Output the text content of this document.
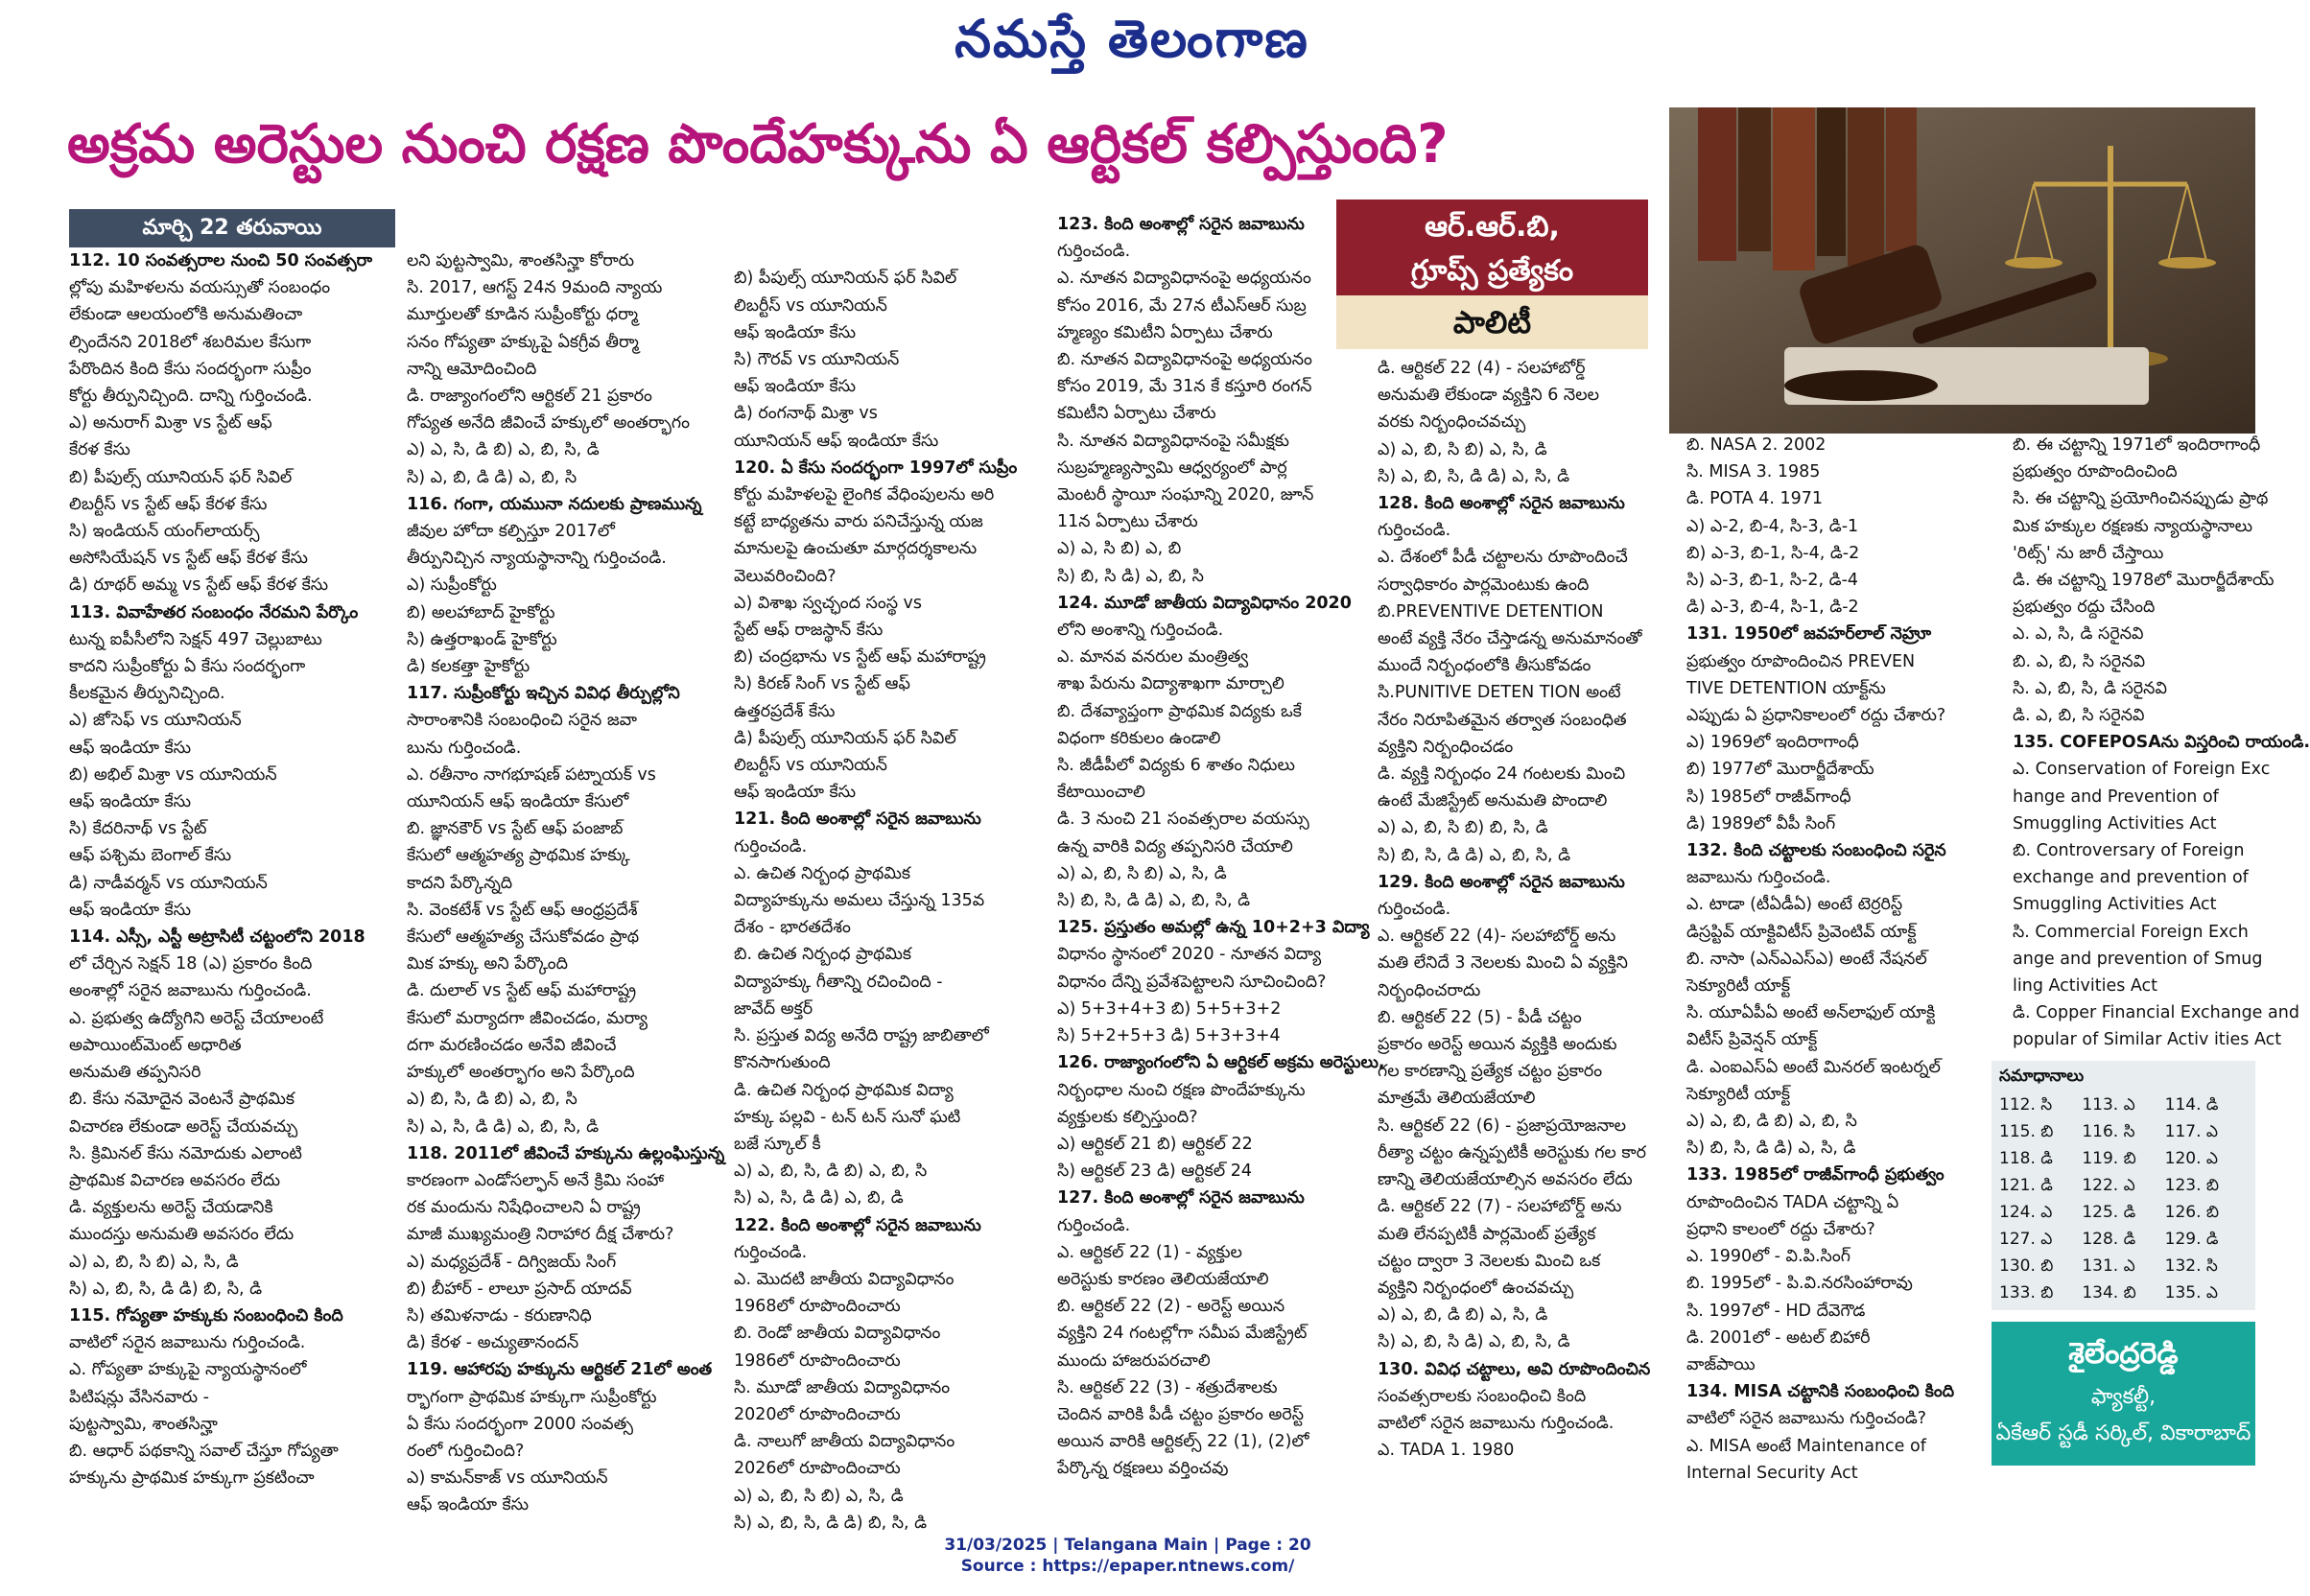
నమస్తే తెలంగాణ
అక్రమ అరెస్టుల నుంచి రక్షణ పొందేహక్కును ఏ ఆర్టికల్ కల్పిస్తుంది?
మార్చి 22 తరువాయి
112. 10 సంవత్సరాల నుంచి 50 సంవత్సరా
ల్లోపు మహిళలను వయస్సుతో సంబంధం
లేకుండా ఆలయంలోకి అనుమతించా
ల్సిందేనని 2018లో శబరిమల కేసుగా
పేరొందిన కింది కేసు సందర్భంగా సుప్రీం
కోర్టు తీర్పునిచ్చింది. దాన్ని గుర్తించండి.
ఎ) అనురాగ్ మిశ్రా vs స్టేట్ ఆఫ్
కేరళ కేసు
బి) పీపుల్స్ యూనియన్ ఫర్ సివిల్
లిబర్టీస్ vs స్టేట్ ఆఫ్ కేరళ కేసు
సి) ఇండియన్ యంగ్‌లాయర్స్
అసోసియేషన్ vs స్టేట్ ఆఫ్ కేరళ కేసు
డి) రూథర్ అమ్మ vs స్టేట్ ఆఫ్ కేరళ కేసు
113. వివాహేతర సంబంధం నేరమని పేర్కొం
టున్న ఐపీసీలోని సెక్షన్ 497 చెల్లుబాటు
కాదని సుప్రీంకోర్టు ఏ కేసు సందర్భంగా
కీలకమైన తీర్పునిచ్చింది.
ఎ) జోసెఫ్ vs యూనియన్
ఆఫ్ ఇండియా కేసు
బి) అభిల్ మిశ్రా vs యూనియన్
ఆఫ్ ఇండియా కేసు
సి) కేదరినాథ్ vs స్టేట్
ఆఫ్ పశ్చిమ బెంగాల్ కేసు
డి) నాడీవర్మన్ vs యూనియన్
ఆఫ్ ఇండియా కేసు
114. ఎస్సీ, ఎస్టీ అట్రాసిటీ చట్టంలోని 2018
లో చేర్చిన సెక్షన్ 18 (ఎ) ప్రకారం కింది
అంశాల్లో సరైన జవాబును గుర్తించండి.
ఎ. ప్రభుత్వ ఉద్యోగిని అరెస్ట్ చేయాలంటే
అపాయింట్‌మెంట్ అధారిత
అనుమతి తప్పనిసరి
బి. కేసు నమోదైన వెంటనే ప్రాథమిక
విచారణ లేకుండా అరెస్ట్ చేయవచ్చు
సి. క్రిమినల్ కేసు నమోదుకు ఎలాంటి
ప్రాథమిక విచారణ అవసరం లేదు
డి. వ్యక్తులను అరెస్ట్ చేయడానికి
ముందస్తు అనుమతి అవసరం లేదు
ఎ) ఎ, బి, సి బి) ఎ, సి, డి
సి) ఎ, బి, సి, డి డి) బి, సి, డి
115. గోప్యతా హక్కుకు సంబంధించి కింది
వాటిలో సరైన జవాబును గుర్తించండి.
ఎ. గోప్యతా హక్కుపై న్యాయస్థానంలో
పిటిషన్లు వేసినవారు -
పుట్టస్వామి, శాంతసిన్హా
బి. ఆధార్ పథకాన్ని సవాల్ చేస్తూ గోప్యతా
హక్కును ప్రాథమిక హక్కుగా ప్రకటించా
లని పుట్టస్వామి, శాంతసిన్హా కోరారు
సి. 2017, ఆగస్ట్ 24న 9మంది న్యాయ
మూర్తులతో కూడిన సుప్రీంకోర్టు ధర్మా
సనం గోప్యతా హక్కుపై ఏకగ్రీవ తీర్మా
నాన్ని ఆమోదించింది
డి. రాజ్యాంగంలోని ఆర్టికల్ 21 ప్రకారం
గోప్యత అనేది జీవించే హక్కులో అంతర్భాగం
ఎ) ఎ, సి, డి బి) ఎ, బి, సి, డి
సి) ఎ, బి, డి డి) ఎ, బి, సి
116. గంగా, యమునా నదులకు ప్రాణమున్న
జీవుల హోదా కల్పిస్తూ 2017లో
తీర్పునిచ్చిన న్యాయస్థానాన్ని గుర్తించండి.
ఎ) సుప్రీంకోర్టు
బి) అలహాబాద్ హైకోర్టు
సి) ఉత్తరాఖండ్ హైకోర్టు
డి) కలకత్తా హైకోర్టు
117. సుప్రీంకోర్టు ఇచ్చిన వివిధ తీర్పుల్లోని
సారాంశానికి సంబంధించి సరైన జవా
బును గుర్తించండి.
ఎ. రతీనాం నాగభూషణ్ పట్నాయక్ vs
యూనియన్ ఆఫ్ ఇండియా కేసులో
బి. జ్ఞానకౌర్ vs స్టేట్ ఆఫ్ పంజాబ్
కేసులో ఆత్మహత్య ప్రాథమిక హక్కు
కాదని పేర్కొన్నది
సి. వెంకటేశ్ vs స్టేట్ ఆఫ్ ఆంధ్రప్రదేశ్
కేసులో ఆత్మహత్య చేసుకోవడం ప్రాథ
మిక హక్కు అని పేర్కొంది
డి. దులాల్ vs స్టేట్ ఆఫ్ మహారాష్ట్ర
కేసులో మర్యాదగా జీవించడం, మర్యా
దగా మరణించడం అనేవి జీవించే
హక్కులో అంతర్భాగం అని పేర్కొంది
ఎ) బి, సి, డి బి) ఎ, బి, సి
సి) ఎ, సి, డి డి) ఎ, బి, సి, డి
118. 2011లో జీవించే హక్కును ఉల్లంఘిస్తున్న
కారణంగా ఎండోసల్ఫాన్ అనే క్రిమి సంహా
రక మందును నిషేధించాలని ఏ రాష్ట్ర
మాజీ ముఖ్యమంత్రి నిరాహార దీక్ష చేశారు?
ఎ) మధ్యప్రదేశ్ - దిగ్విజయ్ సింగ్
బి) బీహార్ - లాలూ ప్రసాద్ యాదవ్
సి) తమిళనాడు - కరుణానిధి
డి) కేరళ - అచ్యుతానందన్
119. ఆహారపు హక్కును ఆర్టికల్ 21లో అంత
ర్భాగంగా ప్రాథమిక హక్కుగా సుప్రీంకోర్టు
ఏ కేసు సందర్భంగా 2000 సంవత్స
రంలో గుర్తించింది?
ఎ) కామన్‌కాజ్ vs యూనియన్
ఆఫ్ ఇండియా కేసు

బి) పీపుల్స్ యూనియన్ ఫర్ సివిల్
లిబర్టీస్ vs యూనియన్
ఆఫ్ ఇండియా కేసు
సి) గౌరవ్ vs యూనియన్
ఆఫ్ ఇండియా కేసు
డి) రంగనాథ్ మిశ్రా vs
యూనియన్ ఆఫ్ ఇండియా కేసు
120. ఏ కేసు సందర్భంగా 1997లో సుప్రీం
కోర్టు మహిళలపై లైంగిక వేధింపులను అరి
కట్టే బాధ్యతను వారు పనిచేస్తున్న యజ
మానులపై ఉంచుతూ మార్గదర్శకాలను
వెలువరించింది?
ఎ) విశాఖ స్వచ్ఛంద సంస్థ vs
స్టేట్ ఆఫ్ రాజస్థాన్ కేసు
బి) చంద్రభాను vs స్టేట్ ఆఫ్ మహారాష్ట్ర
సి) కిరణ్ సింగ్ vs స్టేట్ ఆఫ్
ఉత్తరప్రదేశ్ కేసు
డి) పీపుల్స్ యూనియన్ ఫర్ సివిల్
లిబర్టీస్ vs యూనియన్
ఆఫ్ ఇండియా కేసు
121. కింది అంశాల్లో సరైన జవాబును
గుర్తించండి.
ఎ. ఉచిత నిర్బంధ ప్రాథమిక
విద్యాహక్కును అమలు చేస్తున్న 135వ
దేశం - భారతదేశం
బి. ఉచిత నిర్బంధ ప్రాథమిక
విద్యాహక్కు గీతాన్ని రచించింది -
జావేద్ అక్తర్
సి. ప్రస్తుత విద్య అనేది రాష్ట్ర జాబితాలో
కొనసాగుతుంది
డి. ఉచిత నిర్బంధ ప్రాథమిక విద్యా
హక్కు పల్లవి - టన్ టన్ సునో ఘటి
బజే స్కూల్ కీ
ఎ) ఎ, బి, సి, డి బి) ఎ, బి, సి
సి) ఎ, సి, డి డి) ఎ, బి, డి
122. కింది అంశాల్లో సరైన జవాబును
గుర్తించండి.
ఎ. మొదటి జాతీయ విద్యావిధానం
1968లో రూపొందించారు
బి. రెండో జాతీయ విద్యావిధానం
1986లో రూపొందించారు
సి. మూడో జాతీయ విద్యావిధానం
2020లో రూపొందించారు
డి. నాలుగో జాతీయ విద్యావిధానం
2026లో రూపొందించారు
ఎ) ఎ, బి, సి బి) ఎ, సి, డి
సి) ఎ, బి, సి, డి డి) బి, సి, డి
123. కింది అంశాల్లో సరైన జవాబును
గుర్తించండి.
ఎ. నూతన విద్యావిధానంపై అధ్యయనం
కోసం 2016, మే 27న టీఎస్‌ఆర్ సుబ్ర
హ్మణ్యం కమిటీని ఏర్పాటు చేశారు
బి. నూతన విద్యావిధానంపై అధ్యయనం
కోసం 2019, మే 31న కే కస్తూరి రంగన్
కమిటీని ఏర్పాటు చేశారు
సి. నూతన విద్యావిధానంపై సమీక్షకు
సుబ్రహ్మణ్యస్వామి ఆధ్వర్యంలో పార్ల
మెంటరీ స్థాయీ సంఘాన్ని 2020, జూన్
11న ఏర్పాటు చేశారు
ఎ) ఎ, సి బి) ఎ, బి
సి) బి, సి డి) ఎ, బి, సి
124. మూడో జాతీయ విద్యావిధానం 2020
లోని అంశాన్ని గుర్తించండి.
ఎ. మానవ వనరుల మంత్రిత్వ
శాఖ పేరును విద్యాశాఖగా మార్చాలి
బి. దేశవ్యాప్తంగా ప్రాథమిక విద్యకు ఒకే
విధంగా కరికులం ఉండాలి
సి. జీడీపీలో విద్యకు 6 శాతం నిధులు
కేటాయించాలి
డి. 3 నుంచి 21 సంవత్సరాల వయస్సు
ఉన్న వారికి విద్య తప్పనిసరి చేయాలి
ఎ) ఎ, బి, సి బి) ఎ, సి, డి
సి) బి, సి, డి డి) ఎ, బి, సి, డి
125. ప్రస్తుతం అమల్లో ఉన్న 10+2+3 విద్యా
విధానం స్థానంలో 2020 - నూతన విద్యా
విధానం దేన్ని ప్రవేశపెట్టాలని సూచించింది?
ఎ) 5+3+4+3 బి) 5+5+3+2
సి) 5+2+5+3 డి) 5+3+3+4
126. రాజ్యాంగంలోని ఏ ఆర్టికల్ అక్రమ అరెస్టులు,
నిర్బంధాల నుంచి రక్షణ పొందేహక్కును
వ్యక్తులకు కల్పిస్తుంది?
ఎ) ఆర్టికల్ 21 బి) ఆర్టికల్ 22
సి) ఆర్టికల్ 23 డి) ఆర్టికల్ 24
127. కింది అంశాల్లో సరైన జవాబును
గుర్తించండి.
ఎ. ఆర్టికల్ 22 (1) - వ్యక్తుల
అరెస్టుకు కారణం తెలియజేయాలి
బి. ఆర్టికల్ 22 (2) - అరెస్ట్ అయిన
వ్యక్తిని 24 గంటల్లోగా సమీప మేజిస్ట్రేట్
ముందు హాజరుపరచాలి
సి. ఆర్టికల్ 22 (3) - శత్రుదేశాలకు
చెందిన వారికి పీడీ చట్టం ప్రకారం అరెస్ట్
అయిన వారికి ఆర్టికల్స్ 22 (1), (2)లో
పేర్కొన్న రక్షణలు వర్తించవు
ఆర్.ఆర్.బి,
గ్రూప్స్ ప్రత్యేకం
పాలిటీ
డి. ఆర్టికల్ 22 (4) - సలహాబోర్డ్
అనుమతి లేకుండా వ్యక్తిని 6 నెలల
వరకు నిర్బంధించవచ్చు
ఎ) ఎ, బి, సి బి) ఎ, సి, డి
సి) ఎ, బి, సి, డి డి) ఎ, సి, డి
128. కింది అంశాల్లో సరైన జవాబును
గుర్తించండి.
ఎ. దేశంలో పీడీ చట్టాలను రూపొందించే
సర్వాధికారం పార్లమెంటుకు ఉంది
బి.PREVENTIVE DETENTION
అంటే వ్యక్తి నేరం చేస్తాడన్న అనుమానంతో
ముందే నిర్బంధంలోకి తీసుకోవడం
సి.PUNITIVE DETEN TION అంటే
నేరం నిరూపితమైన తర్వాత సంబంధిత
వ్యక్తిని నిర్బంధించడం
డి. వ్యక్తి నిర్బంధం 24 గంటలకు మించి
ఉంటే మేజిస్ట్రేట్ అనుమతి పొందాలి
ఎ) ఎ, బి, సి బి) బి, సి, డి
సి) బి, సి, డి డి) ఎ, బి, సి, డి
129. కింది అంశాల్లో సరైన జవాబును
గుర్తించండి.
ఎ. ఆర్టికల్ 22 (4)- సలహాబోర్డ్ అను
మతి లేనిదే 3 నెలలకు మించి ఏ వ్యక్తిని
నిర్బంధించరాదు
బి. ఆర్టికల్ 22 (5) - పీడీ చట్టం
ప్రకారం అరెస్ట్ అయిన వ్యక్తికి అందుకు
గల కారణాన్ని ప్రత్యేక చట్టం ప్రకారం
మాత్రమే తెలియజేయాలి
సి. ఆర్టికల్ 22 (6) - ప్రజాప్రయోజనాల
రీత్యా చట్టం ఉన్నప్పటికీ అరెస్టుకు గల కార
ణాన్ని తెలియజేయాల్సిన అవసరం లేదు
డి. ఆర్టికల్ 22 (7) - సలహాబోర్డ్ అను
మతి లేనప్పటికీ పార్లమెంట్ ప్రత్యేక
చట్టం ద్వారా 3 నెలలకు మించి ఒక
వ్యక్తిని నిర్బంధంలో ఉంచవచ్చు
ఎ) ఎ, బి, డి బి) ఎ, సి, డి
సి) ఎ, బి, సి డి) ఎ, బి, సి, డి
130. వివిధ చట్టాలు, అవి రూపొందించిన
సంవత్సరాలకు సంబంధించి కింది
వాటిలో సరైన జవాబును గుర్తించండి.
ఎ. TADA 1. 1980
బి. NASA 2. 2002
సి. MISA 3. 1985
డి. POTA 4. 1971
ఎ) ఎ-2, బి-4, సి-3, డి-1
బి) ఎ-3, బి-1, సి-4, డి-2
సి) ఎ-3, బి-1, సి-2, డి-4
డి) ఎ-3, బి-4, సి-1, డి-2
131. 1950లో జవహర్‌లాల్ నెహ్రూ
ప్రభుత్వం రూపొందించిన PREVEN
TIVE DETENTION యాక్ట్‌ను
ఎప్పుడు ఏ ప్రధానికాలంలో రద్దు చేశారు?
ఎ) 1969లో ఇందిరాగాంధీ
బి) 1977లో మొరార్జీదేశాయ్
సి) 1985లో రాజీవ్‌గాంధీ
డి) 1989లో వీపీ సింగ్
132. కింది చట్టాలకు సంబంధించి సరైన
జవాబును గుర్తించండి.
ఎ. టాడా (టీఏడీఏ) అంటే టెర్రరిస్ట్
డిస్రప్టివ్ యాక్టివిటీస్ ప్రివెంటివ్ యాక్ట్
బి. నాసా (ఎన్ఎఎస్ఎ) అంటే నేషనల్
సెక్యూరిటీ యాక్ట్
సి. యూఏపీఏ అంటే అన్‌లాఫుల్ యాక్టి
విటీస్ ప్రివెన్షన్ యాక్ట్
డి. ఎంఐఎస్ఏ అంటే మినరల్ ఇంటర్నల్
సెక్యూరిటీ యాక్ట్
ఎ) ఎ, బి, డి బి) ఎ, బి, సి
సి) బి, సి, డి డి) ఎ, సి, డి
133. 1985లో రాజీవ్‌గాంధీ ప్రభుత్వం
రూపొందించిన TADA చట్టాన్ని ఏ
ప్రధాని కాలంలో రద్దు చేశారు?
ఎ. 1990లో - వి.పి.సింగ్
బి. 1995లో - పి.వి.నరసింహారావు
సి. 1997లో - HD దేవెగౌడ
డి. 2001లో - అటల్ బిహారీ
వాజ్‌పాయి
134. MISA చట్టానికి సంబంధించి కింది
వాటిలో సరైన జవాబును గుర్తించండి?
ఎ. MISA అంటే Maintenance of
Internal Security Act
బి. ఈ చట్టాన్ని 1971లో ఇందిరాగాంధీ
ప్రభుత్వం రూపొందించింది
సి. ఈ చట్టాన్ని ప్రయోగించినప్పుడు ప్రాథ
మిక హక్కుల రక్షణకు న్యాయస్థానాలు
'రిట్స్' ను జారీ చేస్తాయి
డి. ఈ చట్టాన్ని 1978లో మొరార్జీదేశాయ్
ప్రభుత్వం రద్దు చేసింది
ఎ. ఎ, సి, డి సరైనవి
బి. ఎ, బి, సి సరైనవి
సి. ఎ, బి, సి, డి సరైనవి
డి. ఎ, బి, సి సరైనవి
135. COFEPOSAను విస్తరించి రాయండి.
ఎ. Conservation of Foreign Exc
hange and Prevention of
Smuggling Activities Act
బి. Controversary of Foreign
exchange and prevention of
Smuggling Activities Act
సి. Commercial Foreign Exch
ange and prevention of Smug
ling Activities Act
డి. Copper Financial Exchange and
popular of Similar Activ ities Act
సమాధానాలు
112. సి	113. ఎ	114. డి
115. బి	116. సి	117. ఎ
118. డి	119. బి	120. ఎ
121. డి	122. ఎ	123. బి
124. ఎ	125. డి	126. బి
127. ఎ	128. డి	129. డి
130. బి	131. ఎ	132. సి
133. బి	134. బి	135. ఎ
శైలేంద్రరెడ్డి
ఫ్యాకల్టీ,
ఏకేఆర్ స్టడీ సర్కిల్, వికారాబాద్
31/03/2025 | Telangana Main | Page : 20
Source : https://epaper.ntnews.com/
